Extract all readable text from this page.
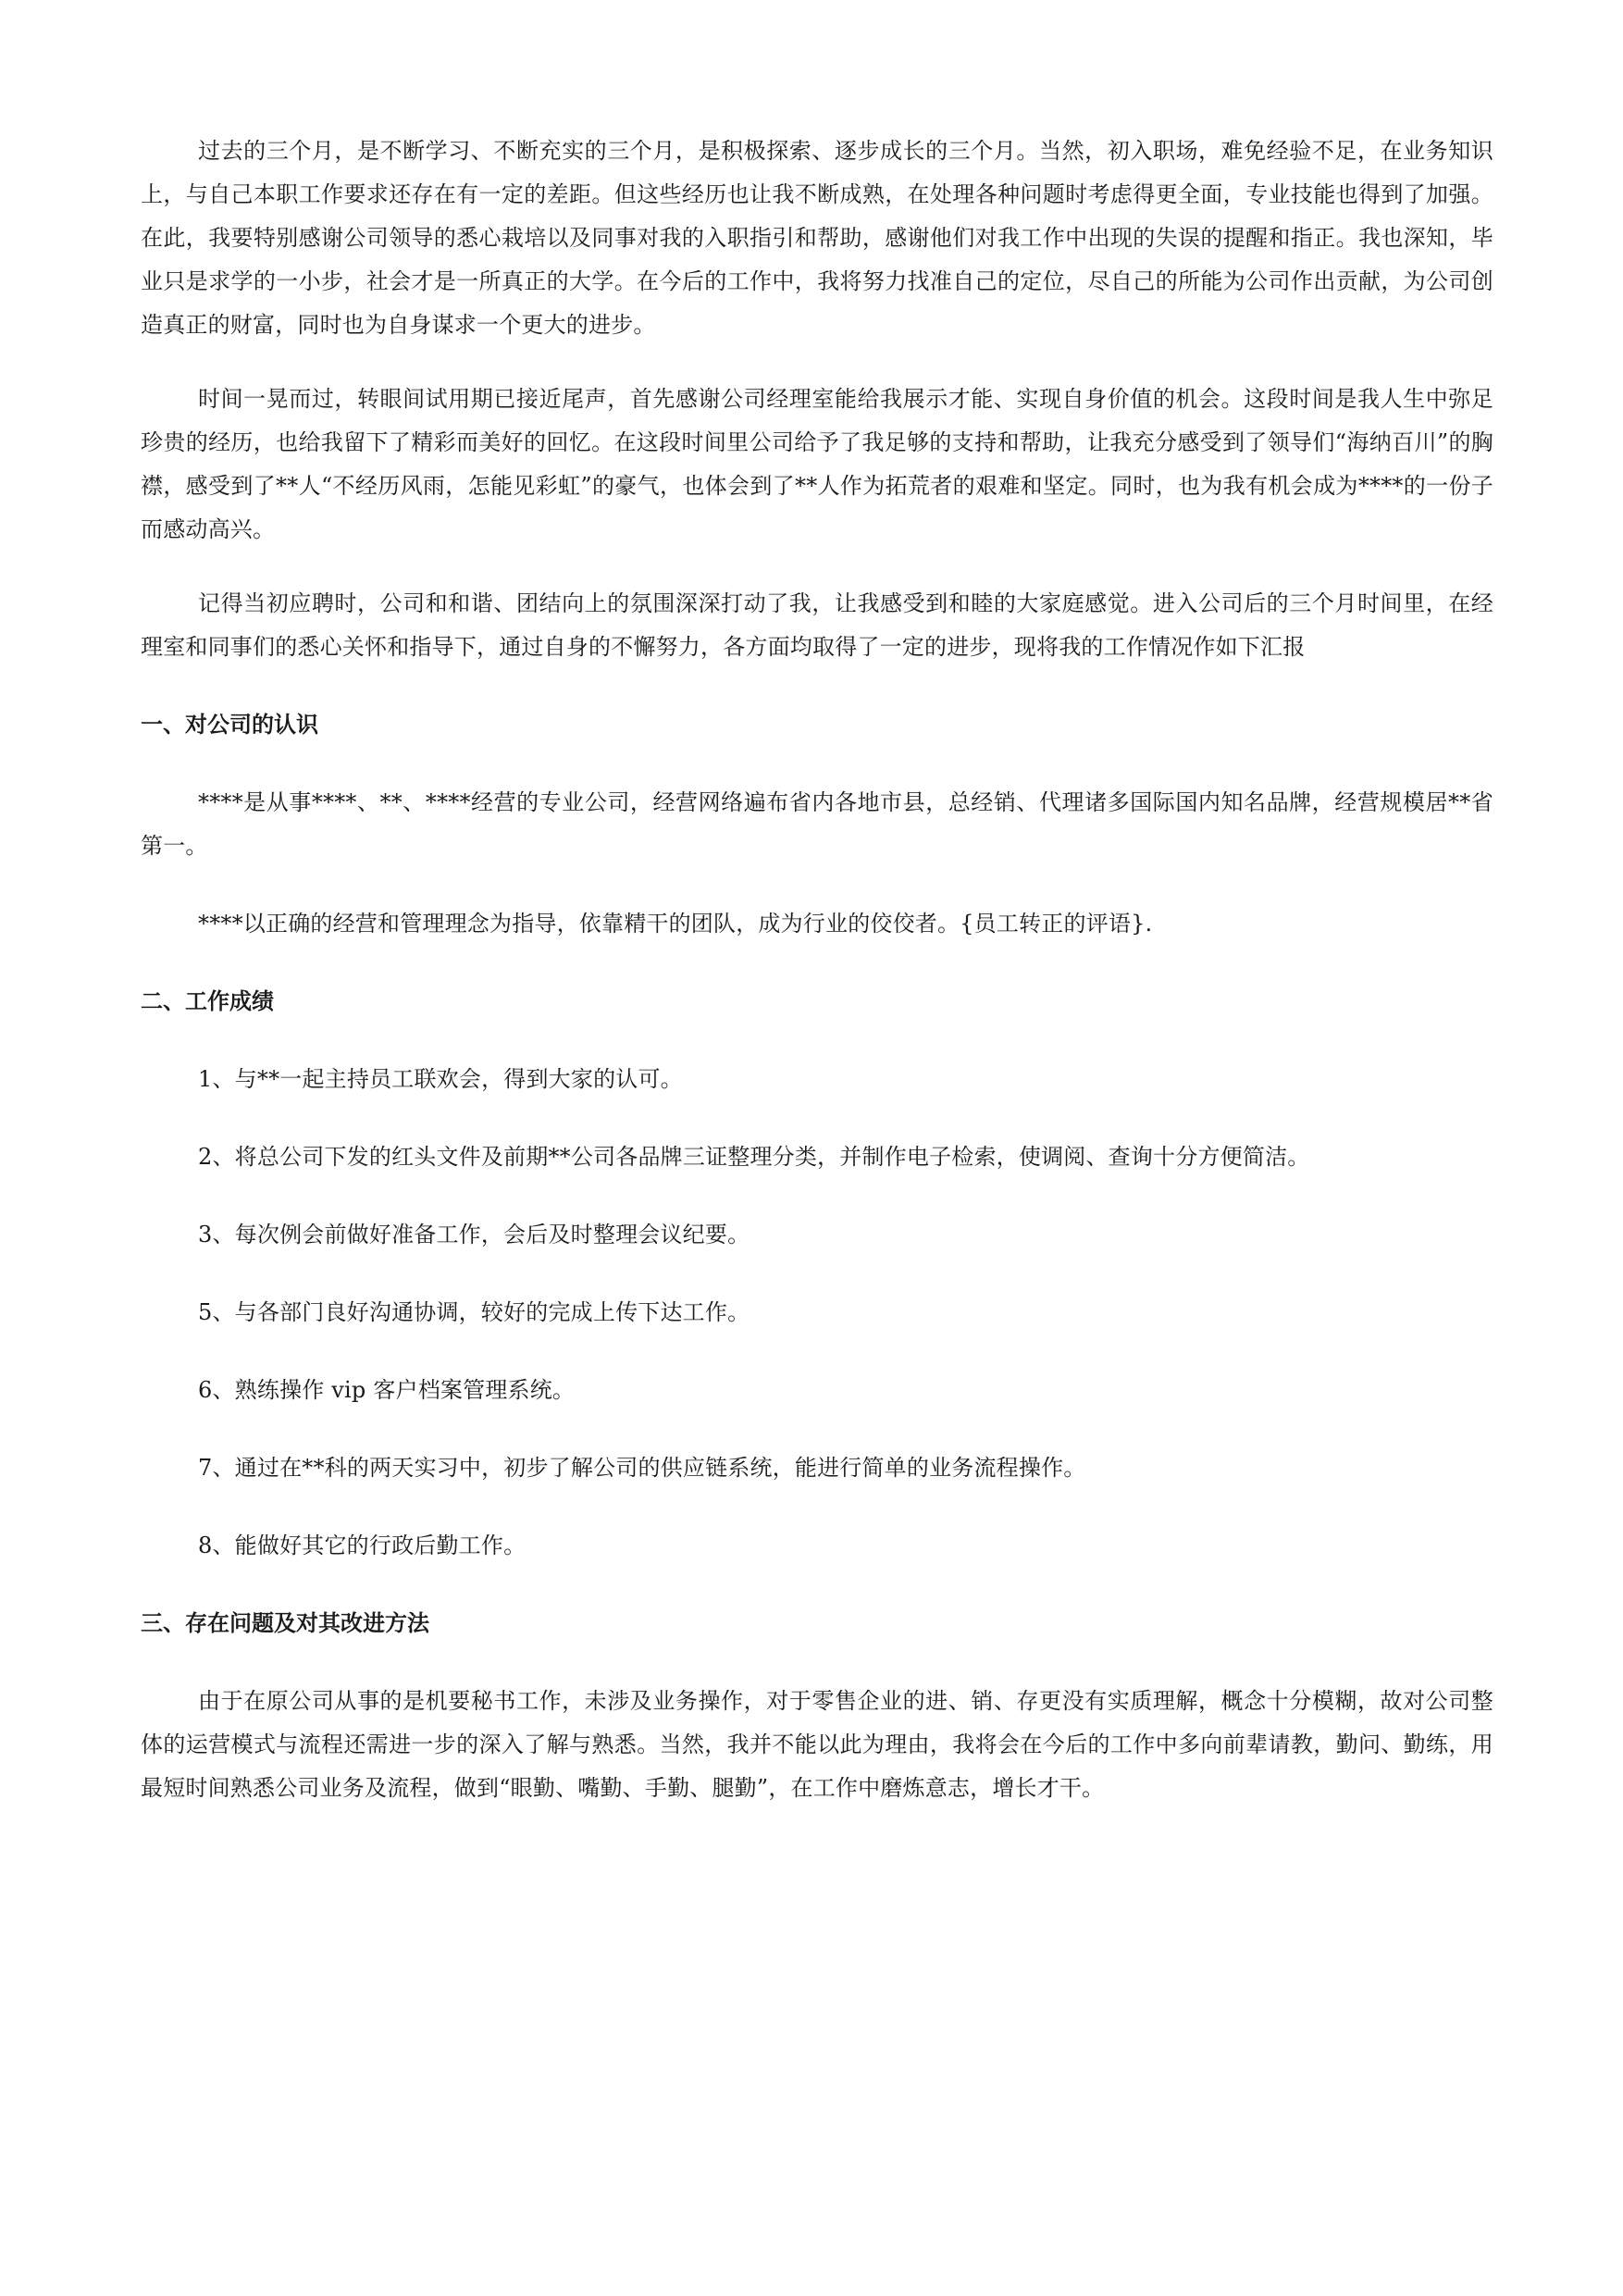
过去的三个月，是不断学习、不断充实的三个月，是积极探索、逐步成长的三个月。当然，初入职场，难免经验不足，在业务知识上，与自己本职工作要求还存在有一定的差距。但这些经历也让我不断成熟，在处理各种问题时考虑得更全面，专业技能也得到了加强。在此，我要特别感谢公司领导的悉心栽培以及同事对我的入职指引和帮助，感谢他们对我工作中出现的失误的提醒和指正。我也深知，毕业只是求学的一小步，社会才是一所真正的大学。在今后的工作中，我将努力找准自己的定位，尽自己的所能为公司作出贡献，为公司创造真正的财富，同时也为自身谋求一个更大的进步。

时间一晃而过，转眼间试用期已接近尾声，首先感谢公司经理室能给我展示才能、实现自身价值的机会。这段时间是我人生中弥足珍贵的经历，也给我留下了精彩而美好的回忆。在这段时间里公司给予了我足够的支持和帮助，让我充分感受到了领导们“海纳百川”的胸襟，感受到了**人“不经历风雨，怎能见彩虹”的豪气，也体会到了**人作为拓荒者的艰难和坚定。同时，也为我有机会成为****的一份子而感动高兴。

记得当初应聘时，公司和和谐、团结向上的氛围深深打动了我，让我感受到和睦的大家庭感觉。进入公司后的三个月时间里，在经理室和同事们的悉心关怀和指导下，通过自身的不懈努力，各方面均取得了一定的进步，现将我的工作情况作如下汇报

一、对公司的认识

****是从事****、**、****经营的专业公司，经营网络遍布省内各地市县，总经销、代理诸多国际国内知名品牌，经营规模居**省第一。

****以正确的经营和管理理念为指导，依靠精干的团队，成为行业的佼佼者。{员工转正的评语}.

二、工作成绩

1、与**一起主持员工联欢会，得到大家的认可。

2、将总公司下发的红头文件及前期**公司各品牌三证整理分类，并制作电子检索，使调阅、查询十分方便简洁。

3、每次例会前做好准备工作，会后及时整理会议纪要。

5、与各部门良好沟通协调，较好的完成上传下达工作。

6、熟练操作 vip 客户档案管理系统。

7、通过在**科的两天实习中，初步了解公司的供应链系统，能进行简单的业务流程操作。

8、能做好其它的行政后勤工作。

三、存在问题及对其改进方法

由于在原公司从事的是机要秘书工作，未涉及业务操作，对于零售企业的进、销、存更没有实质理解，概念十分模糊，故对公司整体的运营模式与流程还需进一步的深入了解与熟悉。当然，我并不能以此为理由，我将会在今后的工作中多向前辈请教，勤问、勤练，用最短时间熟悉公司业务及流程，做到“眼勤、嘴勤、手勤、腿勤”，在工作中磨炼意志，增长才干。
